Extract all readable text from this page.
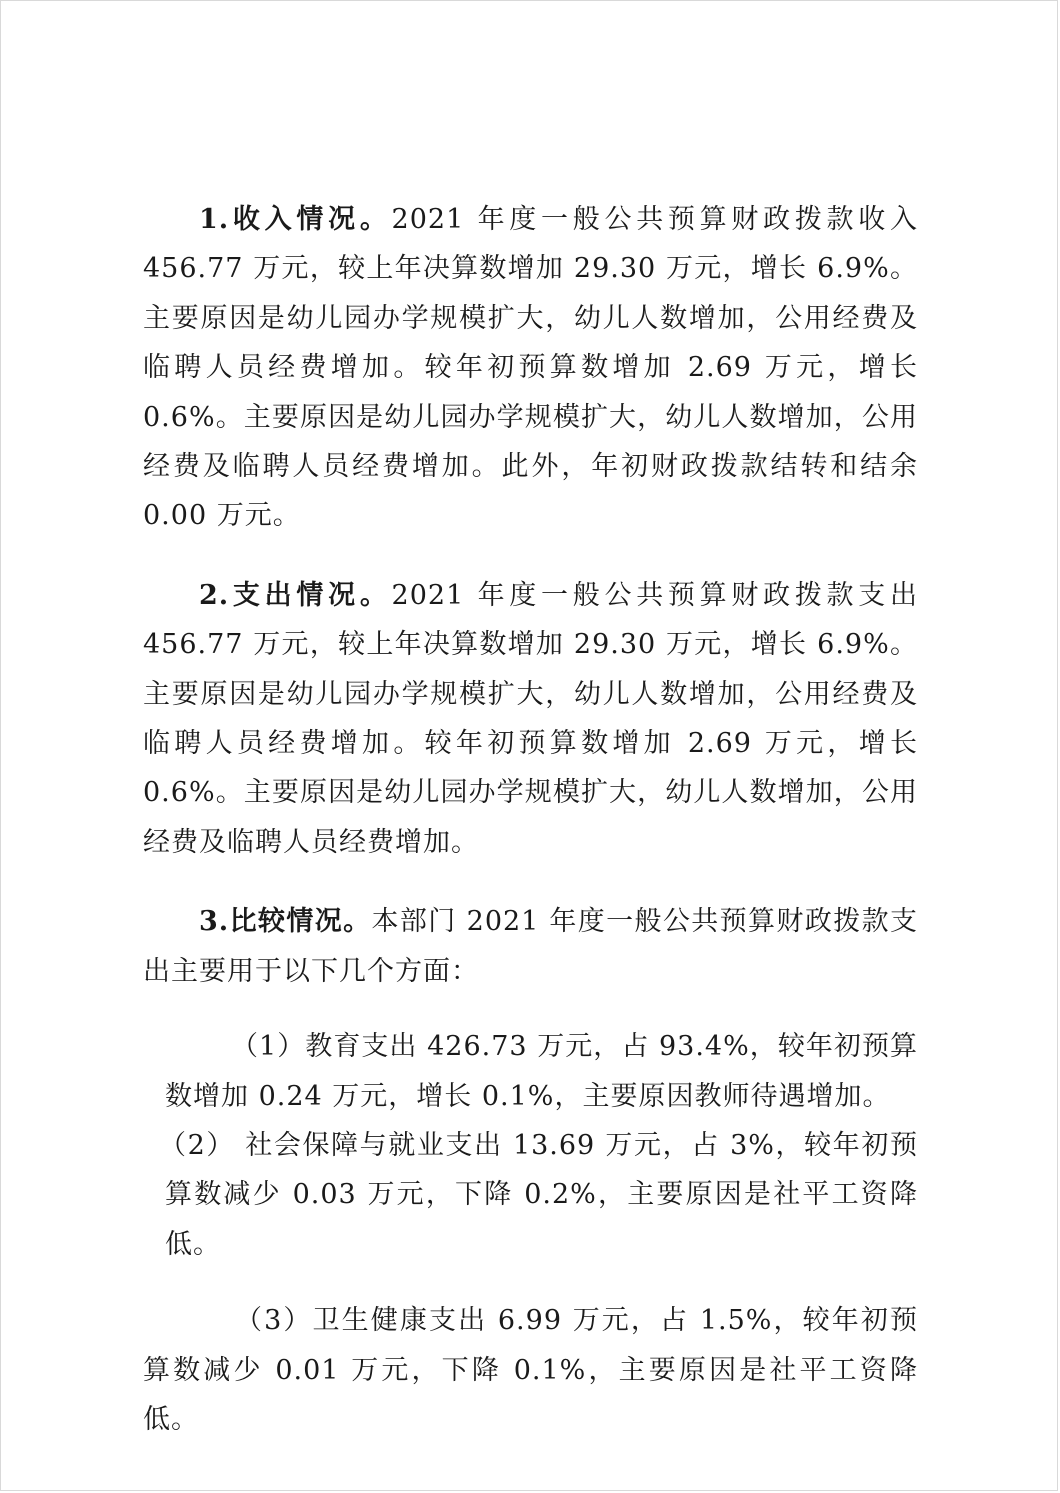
1.收入情况。2021 年度一般公共预算财政拨款收入 456.77 万元，较上年决算数增加 29.30 万元，增长 6.9%。主要原因是幼儿园办学规模扩大，幼儿人数增加，公用经费及临聘人员经费增加。较年初预算数增加 2.69 万元，增长 0.6%。主要原因是幼儿园办学规模扩大，幼儿人数增加，公用经费及临聘人员经费增加。此外，年初财政拨款结转和结余 0.00 万元。

2.支出情况。2021 年度一般公共预算财政拨款支出 456.77 万元，较上年决算数增加 29.30 万元，增长 6.9%。主要原因是幼儿园办学规模扩大，幼儿人数增加，公用经费及临聘人员经费增加。较年初预算数增加 2.69 万元，增长 0.6%。主要原因是幼儿园办学规模扩大，幼儿人数增加，公用经费及临聘人员经费增加。

3.比较情况。本部门 2021 年度一般公共预算财政拨款支出主要用于以下几个方面：

（1）教育支出 426.73 万元，占 93.4%，较年初预算数增加 0.24 万元，增长 0.1%，主要原因教师待遇增加。

（2） 社会保障与就业支出 13.69 万元，占 3%，较年初预算数减少 0.03 万元，下降 0.2%，主要原因是社平工资降低。

（3）卫生健康支出 6.99 万元，占 1.5%，较年初预算数减少 0.01 万元，下降 0.1%，主要原因是社平工资降低。
